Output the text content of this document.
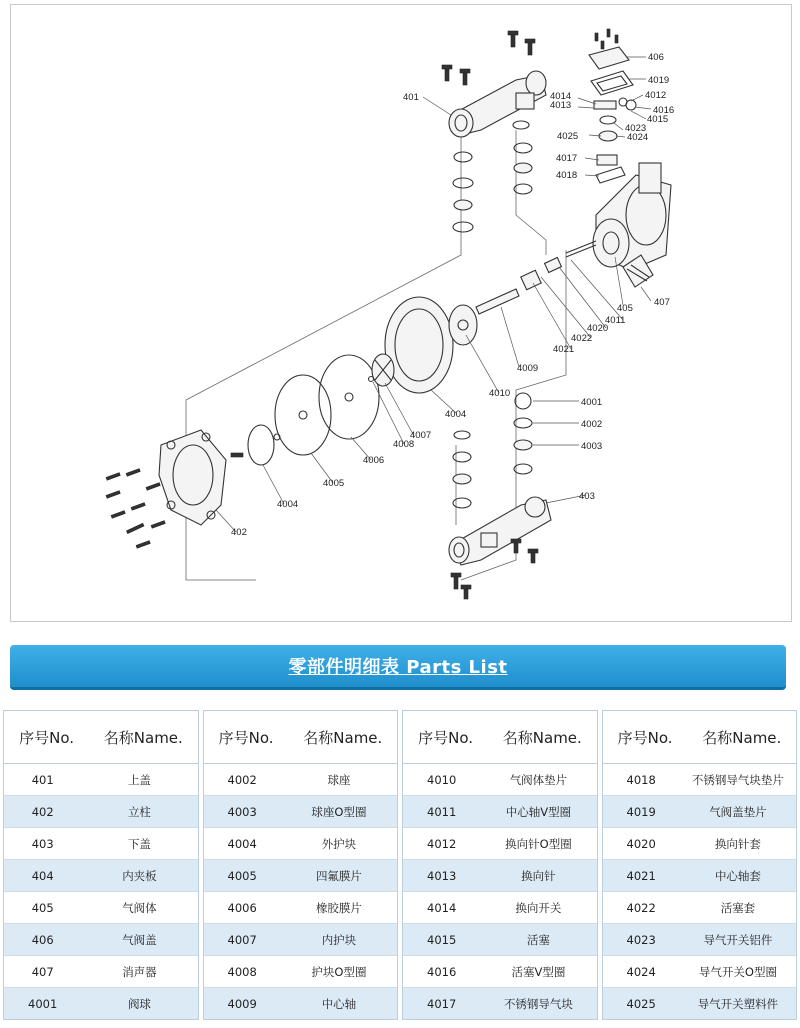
406
4019
4014	4012
4013	4016
4015
4023
4025	4024
4017
4018
401
405
407
4011
4020
4022
4021
4009
4010
4004
4001
4002
4003
4007
4008
4006
4005
403
4004
402
零部件明细表 Parts List
序号No.	名称Name.
401	上盖
402	立柱
403	下盖
404	内夹板
405	气阀体
406	气阀盖
407	消声器
4001	阀球
序号No.	名称Name.
4002	球座
4003	球座O型圈
4004	外护块
4005	四氟膜片
4006	橡胶膜片
4007	内护块
4008	护块O型圈
4009	中心轴
序号No.	名称Name.
4010	气阀体垫片
4011	中心轴V型圈
4012	换向针O型圈
4013	换向针
4014	换向开关
4015	活塞
4016	活塞V型圈
4017	不锈钢导气块
序号No.	名称Name.
4018	不锈钢导气块垫片
4019	气阀盖垫片
4020	换向针套
4021	中心轴套
4022	活塞套
4023	导气开关铝件
4024	导气开关O型圈
4025	导气开关塑料件
